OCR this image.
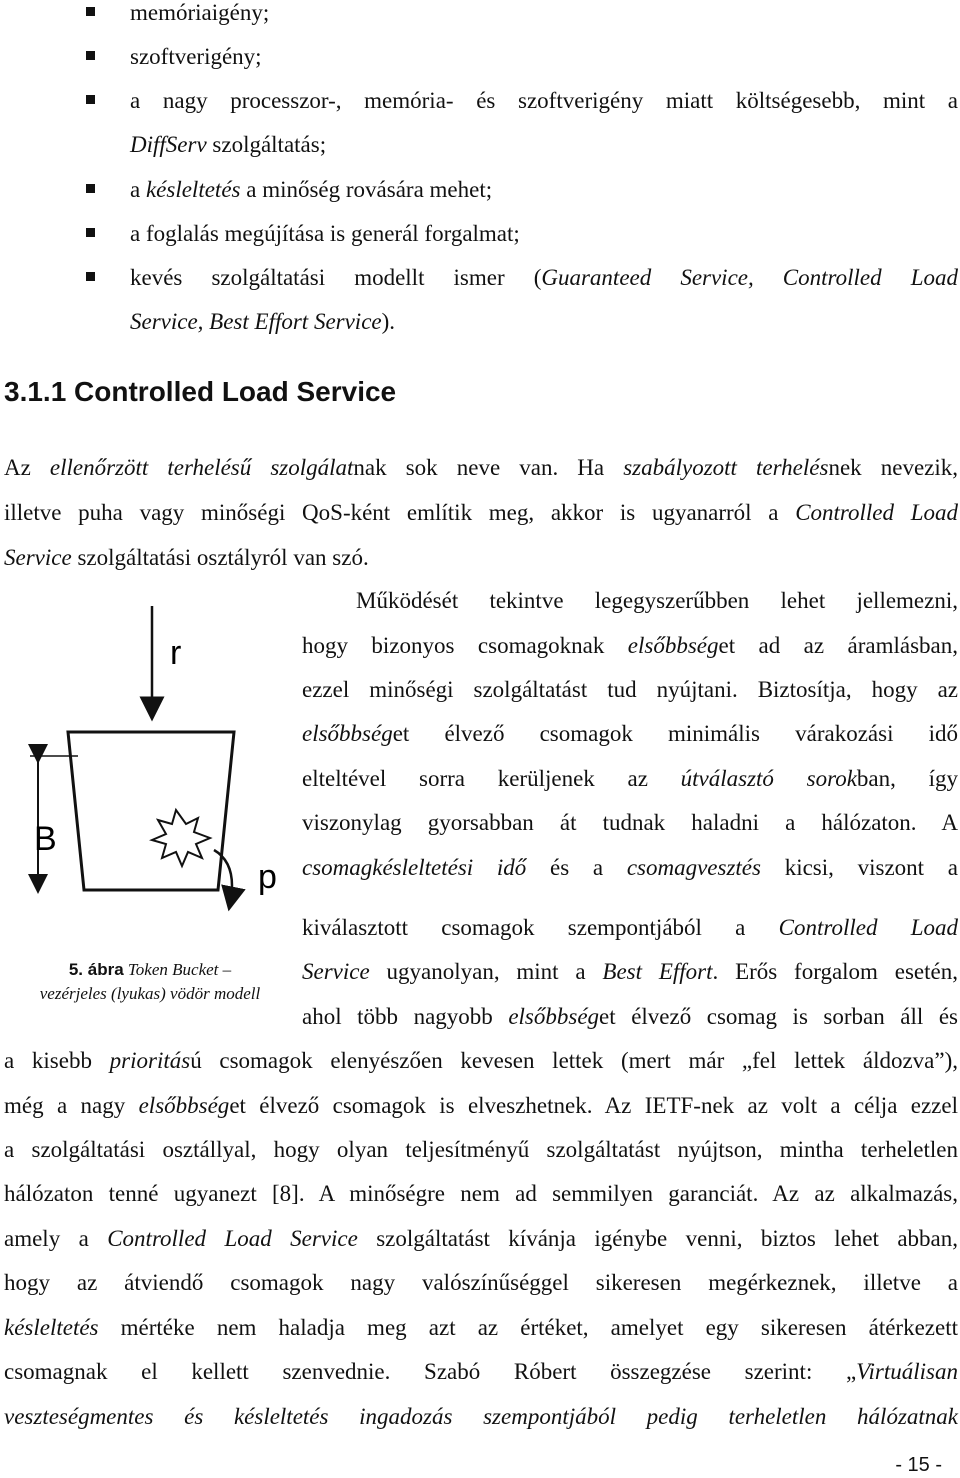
memóriaigény;
szoftverigény;
a nagy processzor-, memória- és szoftverigény miatt költségesebb, mint a
DiffServ szolgáltatás;
a késleltetés a minőség rovására mehet;
a foglalás megújítása is generál forgalmat;
kevés szolgáltatási modellt ismer (Guaranteed Service, Controlled Load
Service, Best Effort Service).
3.1.1 Controlled Load Service
Az ellenőrzött terhelésű szolgálatnak sok neve van. Ha szabályozott terhelésnek nevezik,
illetve puha vagy minőségi QoS-ként említik meg, akkor is ugyanarról a Controlled Load
Service szolgáltatási osztályról van szó.
r
B
p
5. ábra Token Bucket –
vezérjeles (lyukas) vödör modell
Működését tekintve legegyszerűbben lehet jellemezni,
hogy bizonyos csomagoknak elsőbbséget ad az áramlásban,
ezzel minőségi szolgáltatást tud nyújtani. Biztosítja, hogy az
elsőbbséget élvező csomagok minimális várakozási idő
elteltével sorra kerüljenek az útválasztó sorokban, így
viszonylag gyorsabban át tudnak haladni a hálózaton. A
csomagkésleltetési idő és a csomagvesztés kicsi, viszont a
kiválasztott csomagok szempontjából a Controlled Load
Service ugyanolyan, mint a Best Effort. Erős forgalom esetén,
ahol több nagyobb elsőbbséget élvező csomag is sorban áll és
a kisebb prioritású csomagok elenyészően kevesen lettek (mert már „fel lettek áldozva”),
még a nagy elsőbbséget élvező csomagok is elveszhetnek. Az IETF-nek az volt a célja ezzel
a szolgáltatási osztállyal, hogy olyan teljesítményű szolgáltatást nyújtson, mintha terheletlen
hálózaton tenné ugyanezt [8]. A minőségre nem ad semmilyen garanciát. Az az alkalmazás,
amely a Controlled Load Service szolgáltatást kívánja igénybe venni, biztos lehet abban,
hogy az átviendő csomagok nagy valószínűséggel sikeresen megérkeznek, illetve a
késleltetés mértéke nem haladja meg azt az értéket, amelyet egy sikeresen átérkezett
csomagnak el kellett szenvednie. Szabó Róbert összegzése szerint: „Virtuálisan
veszteségmentes és késleltetés ingadozás szempontjából pedig terheletlen hálózatnak
- 15 -
